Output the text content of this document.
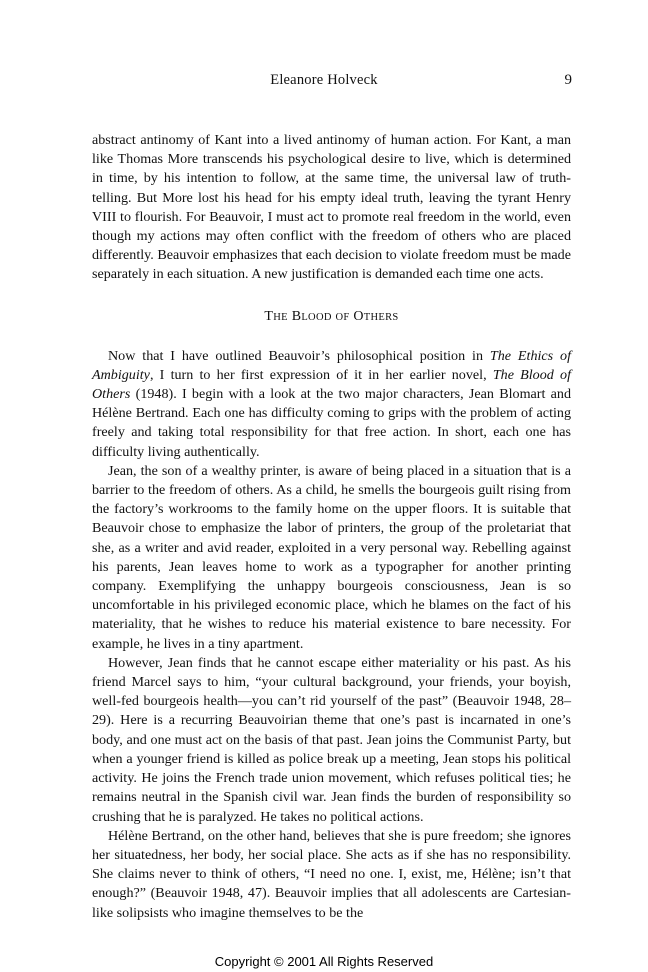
Eleanore Holveck	9

abstract antinomy of Kant into a lived antinomy of human action. For Kant, a man like Thomas More transcends his psychological desire to live, which is determined in time, by his intention to follow, at the same time, the universal law of truth-telling. But More lost his head for his empty ideal truth, leaving the tyrant Henry VIII to flourish. For Beauvoir, I must act to promote real freedom in the world, even though my actions may often conflict with the freedom of others who are placed differently. Beauvoir emphasizes that each decision to violate freedom must be made separately in each situation. A new justification is demanded each time one acts.

THE BLOOD OF OTHERS

Now that I have outlined Beauvoir’s philosophical position in The Ethics of Ambiguity, I turn to her first expression of it in her earlier novel, The Blood of Others (1948). I begin with a look at the two major characters, Jean Blomart and Hélène Bertrand. Each one has difficulty coming to grips with the problem of acting freely and taking total responsibility for that free action. In short, each one has difficulty living authentically.

Jean, the son of a wealthy printer, is aware of being placed in a situation that is a barrier to the freedom of others. As a child, he smells the bourgeois guilt rising from the factory’s workrooms to the family home on the upper floors. It is suitable that Beauvoir chose to emphasize the labor of printers, the group of the proletariat that she, as a writer and avid reader, exploited in a very personal way. Rebelling against his parents, Jean leaves home to work as a typographer for another printing company. Exemplifying the unhappy bourgeois consciousness, Jean is so uncomfortable in his privileged economic place, which he blames on the fact of his materiality, that he wishes to reduce his material existence to bare necessity. For example, he lives in a tiny apartment.

However, Jean finds that he cannot escape either materiality or his past. As his friend Marcel says to him, “your cultural background, your friends, your boyish, well-fed bourgeois health—you can’t rid yourself of the past” (Beauvoir 1948, 28–29). Here is a recurring Beauvoirian theme that one’s past is incarnated in one’s body, and one must act on the basis of that past. Jean joins the Communist Party, but when a younger friend is killed as police break up a meeting, Jean stops his political activity. He joins the French trade union movement, which refuses political ties; he remains neutral in the Spanish civil war. Jean finds the burden of responsibility so crushing that he is paralyzed. He takes no political actions.

Hélène Bertrand, on the other hand, believes that she is pure freedom; she ignores her situatedness, her body, her social place. She acts as if she has no responsibility. She claims never to think of others, “I need no one. I, exist, me, Hélène; isn’t that enough?” (Beauvoir 1948, 47). Beauvoir implies that all adolescents are Cartesian-like solipsists who imagine themselves to be the

Copyright © 2001 All Rights Reserved
